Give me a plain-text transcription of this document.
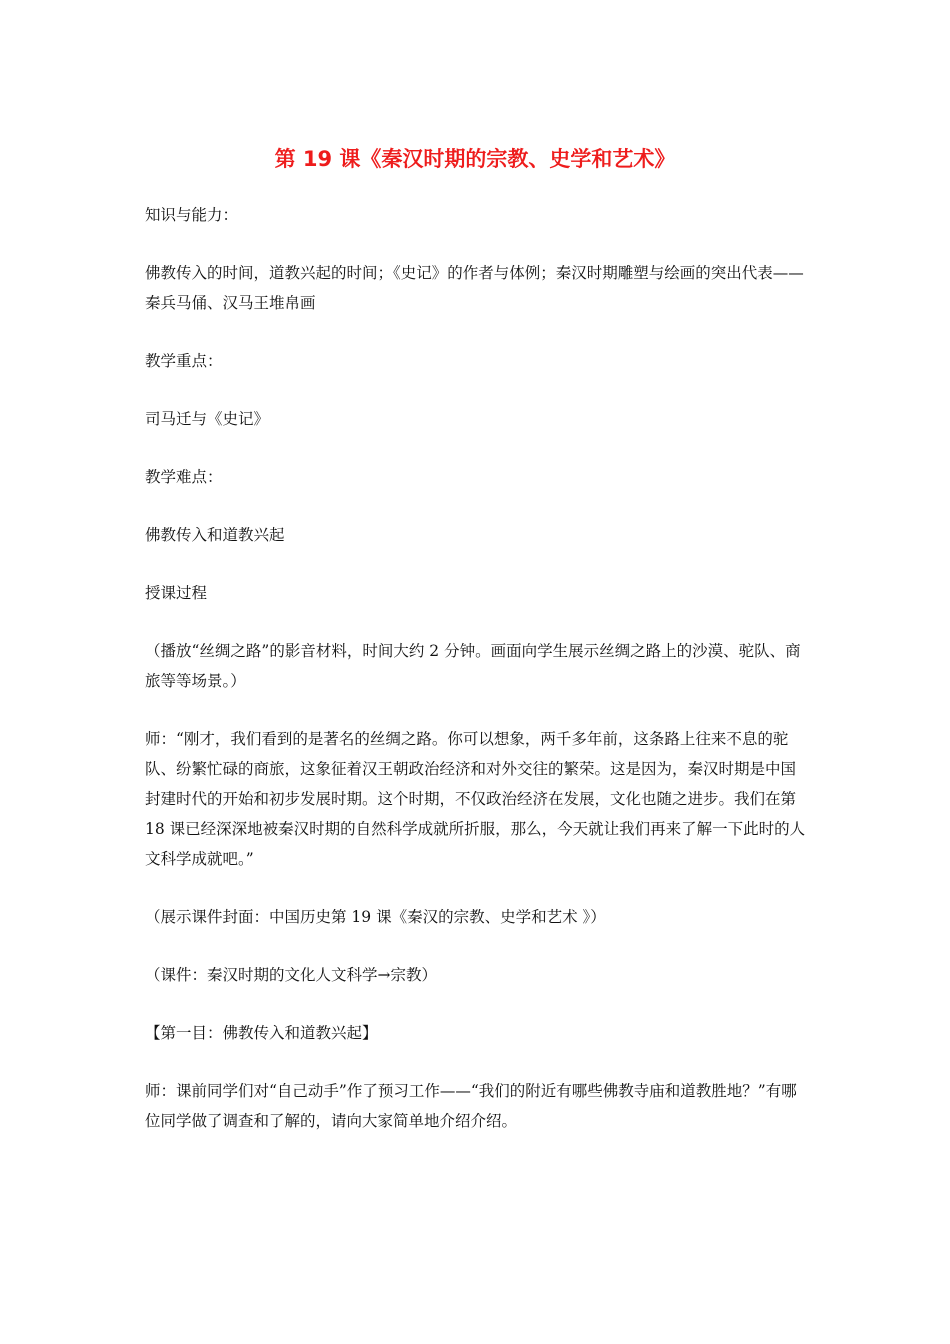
第 19 课《秦汉时期的宗教、史学和艺术》

知识与能力：

佛教传入的时间，道教兴起的时间；《史记》的作者与体例；秦汉时期雕塑与绘画的突出代表——秦兵马俑、汉马王堆帛画

教学重点：

司马迁与《史记》

教学难点：

佛教传入和道教兴起

授课过程

（播放“丝绸之路”的影音材料，时间大约 2 分钟。画面向学生展示丝绸之路上的沙漠、驼队、商旅等等场景。）

师：“刚才，我们看到的是著名的丝绸之路。你可以想象，两千多年前，这条路上往来不息的驼队、纷繁忙碌的商旅，这象征着汉王朝政治经济和对外交往的繁荣。这是因为，秦汉时期是中国封建时代的开始和初步发展时期。这个时期，不仅政治经济在发展，文化也随之进步。我们在第 18 课已经深深地被秦汉时期的自然科学成就所折服，那么，今天就让我们再来了解一下此时的人文科学成就吧。”

（展示课件封面：中国历史第 19 课《秦汉的宗教、史学和艺术 》）

（课件：秦汉时期的文化人文科学→宗教）

【第一目：佛教传入和道教兴起】

师：课前同学们对“自己动手”作了预习工作——“我们的附近有哪些佛教寺庙和道教胜地？”有哪位同学做了调查和了解的，请向大家简单地介绍介绍。
